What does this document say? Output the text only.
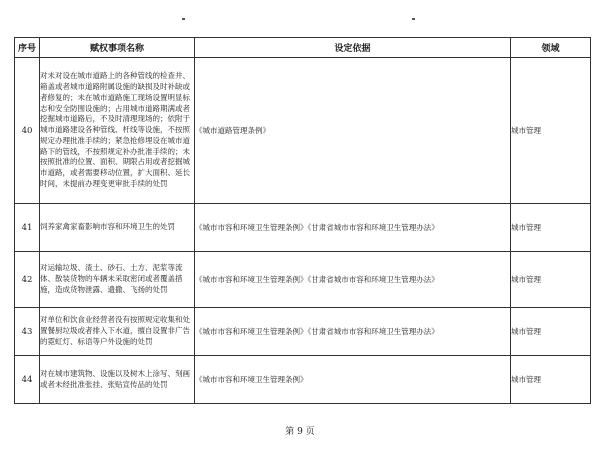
序号	赋权事项名称	设定依据	领域
40	对未对设在城市道路上的各种管线的检查井、箱盖或者城市道路附属设施的缺损及时补缺或者修复的；未在城市道路施工现场设置明显标志和安全防围设施的；占用城市道路期满或者挖掘城市道路后，不及时清理现场的；依附于城市道路建设各种管线、杆线等设施，不按照规定办理批准手续的；紧急抢修埋设在城市道路下的管线，不按照规定补办批准手续的；未按照批准的位置、面积、期限占用或者挖掘城市道路，或者需要移动位置，扩大面积、延长时间，未提前办理变更审批手续的处罚	《城市道路管理条例》	城市管理
41	饲养家禽家畜影响市容和环境卫生的处罚	《城市市容和环境卫生管理条例》《甘肃省城市市容和环境卫生管理办法》	城市管理
42	对运输垃圾、渣土、砂石、土方、泥浆等流体、散装货物的车辆未采取密闭或者覆盖措施，造成货物泄露、遗撒、飞扬的处罚	《城市市容和环境卫生管理条例》《甘肃省城市市容和环境卫生管理办法》	城市管理
43	对单位和饮食业经营者没有按照规定收集和处置餐厨垃圾或者排入下水道，擅自设置非广告的霓虹灯、标语等户外设施的处罚	《城市市容和环境卫生管理条例》《甘肃省城市市容和环境卫生管理办法》	城市管理
44	对在城市建筑物、设施以及树木上涂写、刻画或者未经批准张挂、张贴宣传品的处罚	《城市市容和环境卫生管理条例》	城市管理
第 9 页
